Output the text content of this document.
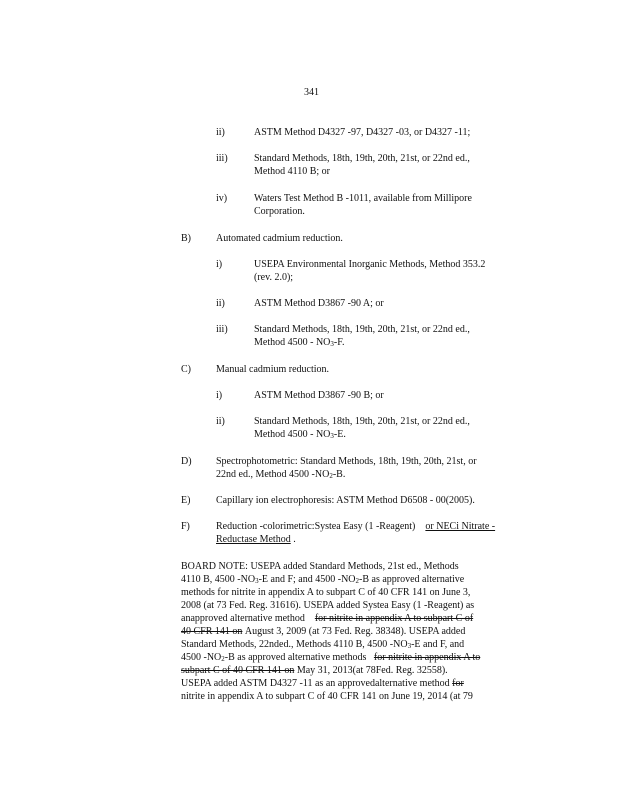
341
ii)	ASTM Method D4327 -97, D4327 -03, or D4327 -11;
iii)	Standard Methods, 18th, 19th, 20th, 21st, or 22nd ed.,
Method 4110 B; or
iv)	Waters Test Method B -1011, available from Millipore
Corporation.
B)	Automated cadmium reduction.
i)	USEPA Environmental Inorganic Methods, Method 353.2
(rev. 2.0);
ii)	ASTM Method D3867 -90 A; or
iii)	Standard Methods, 18th, 19th, 20th, 21st, or 22nd ed.,
Method $4500 - NO_3-F$.
C)	Manual cadmium reduction.
i)	ASTM Method D3867 -90 B; or
ii)	Standard Methods, 18th, 19th, 20th, 21st, or 22nd ed.,
Method $4500 - NO_3-E$.
D) Spectrophotometric: Standard Methods, 18th, 19th, 20th, 21st, or
22nd ed., Method 4500 $-NO_2-B$.
E)	Capillary ion electrophoresis: ASTM Method D6508 - 00(2005).
F)	Reduction -colorimetric:Systea Easy (1 -Reagent) or NECi Nitrate -
Reductase Method .
BOARD NOTE: USEPA added Standard Methods, 21st ed., Methods
4110 B, 4500 $-NO_3-E$ and F; and 4500 $-NO_2-B$ as approved alternative
methods for nitrite in appendix A to subpart C of 40 CFR 141 on June 3,
2008 (at 73 Fed. Reg. 31616). USEPA added Systea Easy (1 -Reagent) as
anapproved alternative method for nitrite in appendix A to subpart C of
40 CFR 141 on August 3, 2009 (at 73 Fed. Reg. 38348). USEPA added
Standard Methods, 22nded., Methods 4110 B, 4500 $-NO_3-E$ and F, and
4500 $-NO_2-B$ as approved alternative methods for nitrite in appendix A to
subpart C of 40 CFR 141 on May 31, 2013(at 78Fed. Reg. 32558).
USEPA added ASTM D4327 -11 as an approvedalternative method for
nitrite in appendix A to subpart C of 40 CFR 141 on June 19, 2014 (at 79
